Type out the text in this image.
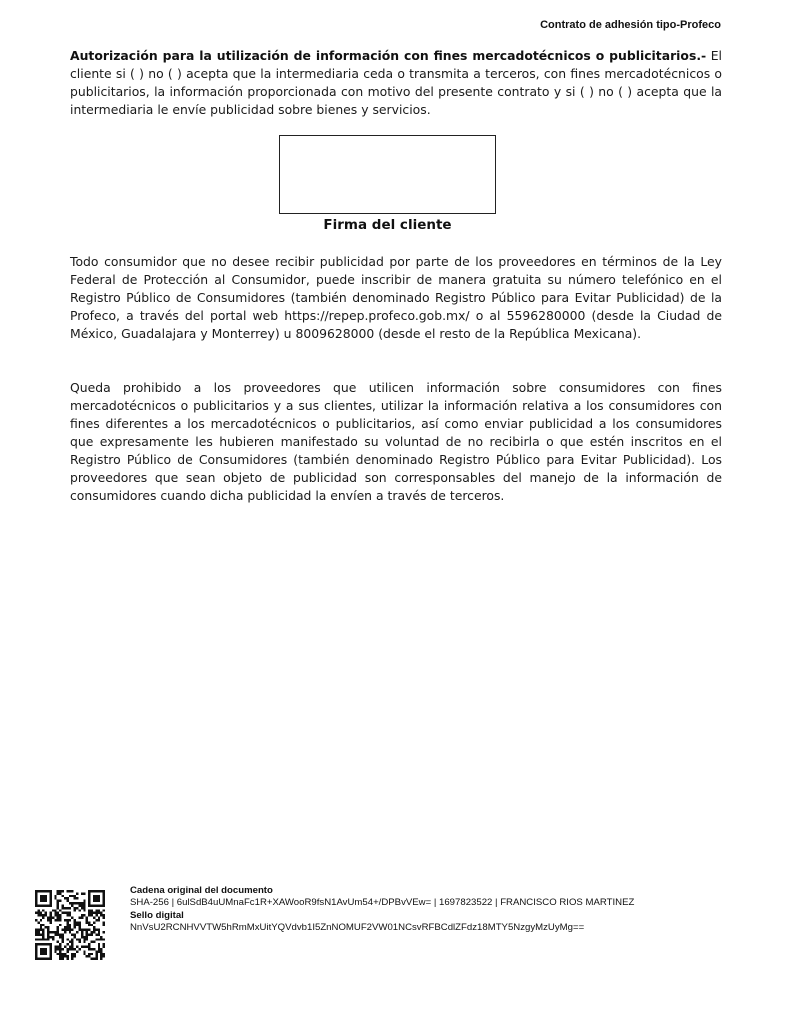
Contrato de adhesión tipo-Profeco
Autorización para la utilización de información con fines mercadotécnicos o publicitarios.- El cliente si ( ) no ( ) acepta que la intermediaria ceda o transmita a terceros, con fines mercadotécnicos o publicitarios, la información proporcionada con motivo del presente contrato y si ( ) no ( ) acepta que la intermediaria le envíe publicidad sobre bienes y servicios.
Firma del cliente
Todo consumidor que no desee recibir publicidad por parte de los proveedores en términos de la Ley Federal de Protección al Consumidor, puede inscribir de manera gratuita su número telefónico en el Registro Público de Consumidores (también denominado Registro Público para Evitar Publicidad) de la Profeco, a través del portal web https://repep.profeco.gob.mx/ o al 5596280000 (desde la Ciudad de México, Guadalajara y Monterrey) u 8009628000 (desde el resto de la República Mexicana).
Queda prohibido a los proveedores que utilicen información sobre consumidores con fines mercadotécnicos o publicitarios y a sus clientes, utilizar la información relativa a los consumidores con fines diferentes a los mercadotécnicos o publicitarios, así como enviar publicidad a los consumidores que expresamente les hubieren manifestado su voluntad de no recibirla o que estén inscritos en el Registro Público de Consumidores (también denominado Registro Público para Evitar Publicidad). Los proveedores que sean objeto de publicidad son corresponsables del manejo de la información de consumidores cuando dicha publicidad la envíen a través de terceros.
Cadena original del documento
SHA-256 | 6ulSdB4uUMnaFc1R+XAWooR9fsN1AvUm54+/DPBvVEw= | 1697823522 | FRANCISCO RIOS MARTINEZ
Sello digital
NnVsU2RCNHVVTW5hRmMxUitYQVdvb1I5ZnNOMUF2VW01NCsvRFBCdlZFdz18MTY5NzgyMzUyMg==
